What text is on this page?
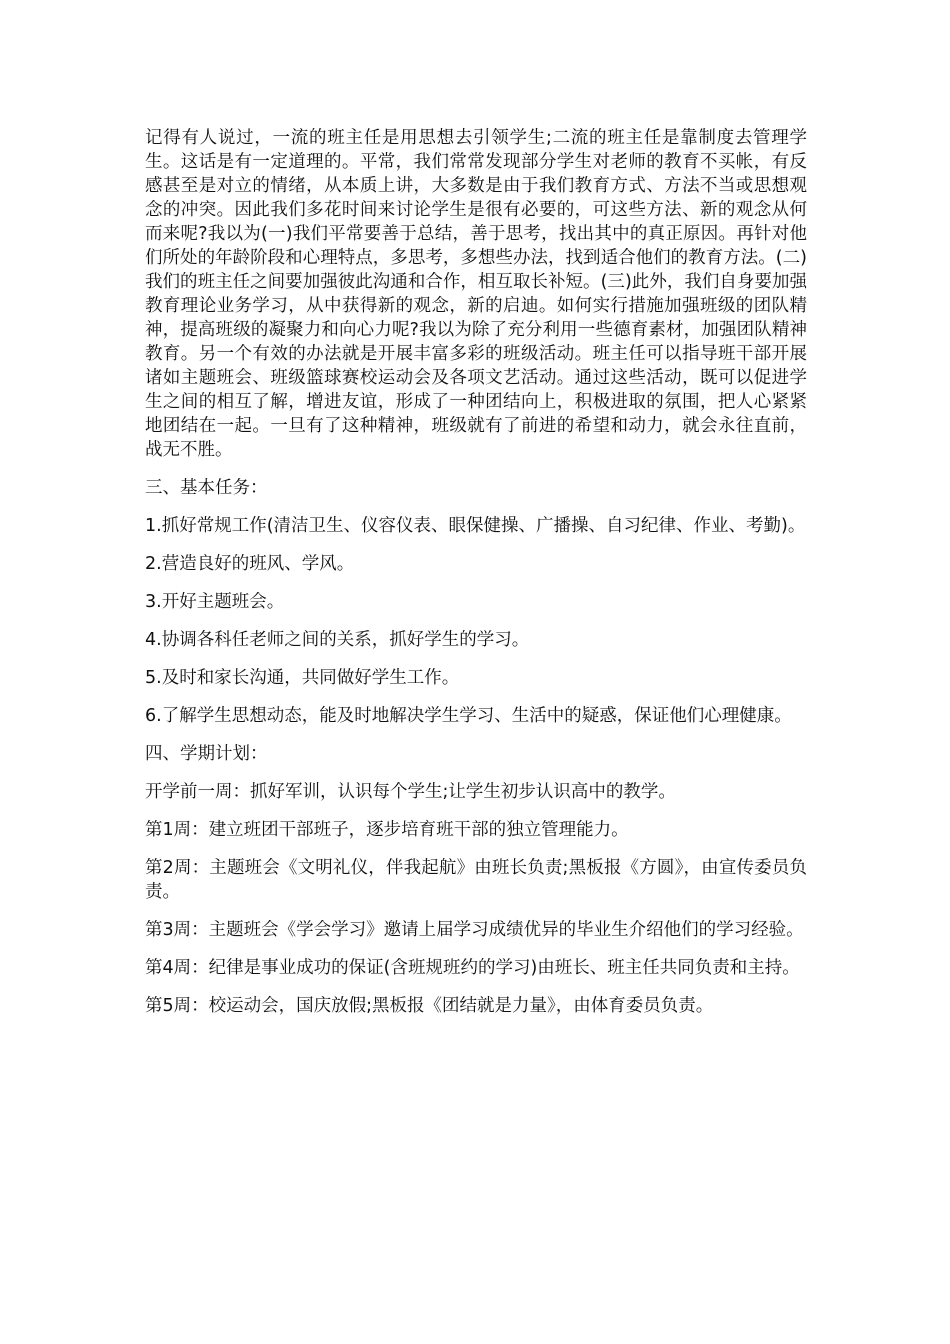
记得有人说过，一流的班主任是用思想去引领学生;二流的班主任是靠制度去管理学生。这话是有一定道理的。平常，我们常常发现部分学生对老师的教育不买帐，有反感甚至是对立的情绪，从本质上讲，大多数是由于我们教育方式、方法不当或思想观念的冲突。因此我们多花时间来讨论学生是很有必要的，可这些方法、新的观念从何而来呢?我以为(一)我们平常要善于总结，善于思考，找出其中的真正原因。再针对他们所处的年龄阶段和心理特点，多思考，多想些办法，找到适合他们的教育方法。(二)我们的班主任之间要加强彼此沟通和合作，相互取长补短。(三)此外，我们自身要加强教育理论业务学习，从中获得新的观念，新的启迪。如何实行措施加强班级的团队精神，提高班级的凝聚力和向心力呢?我以为除了充分利用一些德育素材，加强团队精神教育。另一个有效的办法就是开展丰富多彩的班级活动。班主任可以指导班干部开展诸如主题班会、班级篮球赛校运动会及各项文艺活动。通过这些活动，既可以促进学生之间的相互了解，增进友谊，形成了一种团结向上，积极进取的氛围，把人心紧紧地团结在一起。一旦有了这种精神，班级就有了前进的希望和动力，就会永往直前，战无不胜。

三、基本任务：

1.抓好常规工作(清洁卫生、仪容仪表、眼保健操、广播操、自习纪律、作业、考勤)。

2.营造良好的班风、学风。

3.开好主题班会。

4.协调各科任老师之间的关系，抓好学生的学习。

5.及时和家长沟通，共同做好学生工作。

6.了解学生思想动态，能及时地解决学生学习、生活中的疑惑，保证他们心理健康。

四、学期计划：

开学前一周：抓好军训，认识每个学生;让学生初步认识高中的教学。

第1周：建立班团干部班子，逐步培育班干部的独立管理能力。

第2周：主题班会《文明礼仪，伴我起航》由班长负责;黑板报《方圆》，由宣传委员负责。

第3周：主题班会《学会学习》邀请上届学习成绩优异的毕业生介绍他们的学习经验。

第4周：纪律是事业成功的保证(含班规班约的学习)由班长、班主任共同负责和主持。

第5周：校运动会，国庆放假;黑板报《团结就是力量》，由体育委员负责。
